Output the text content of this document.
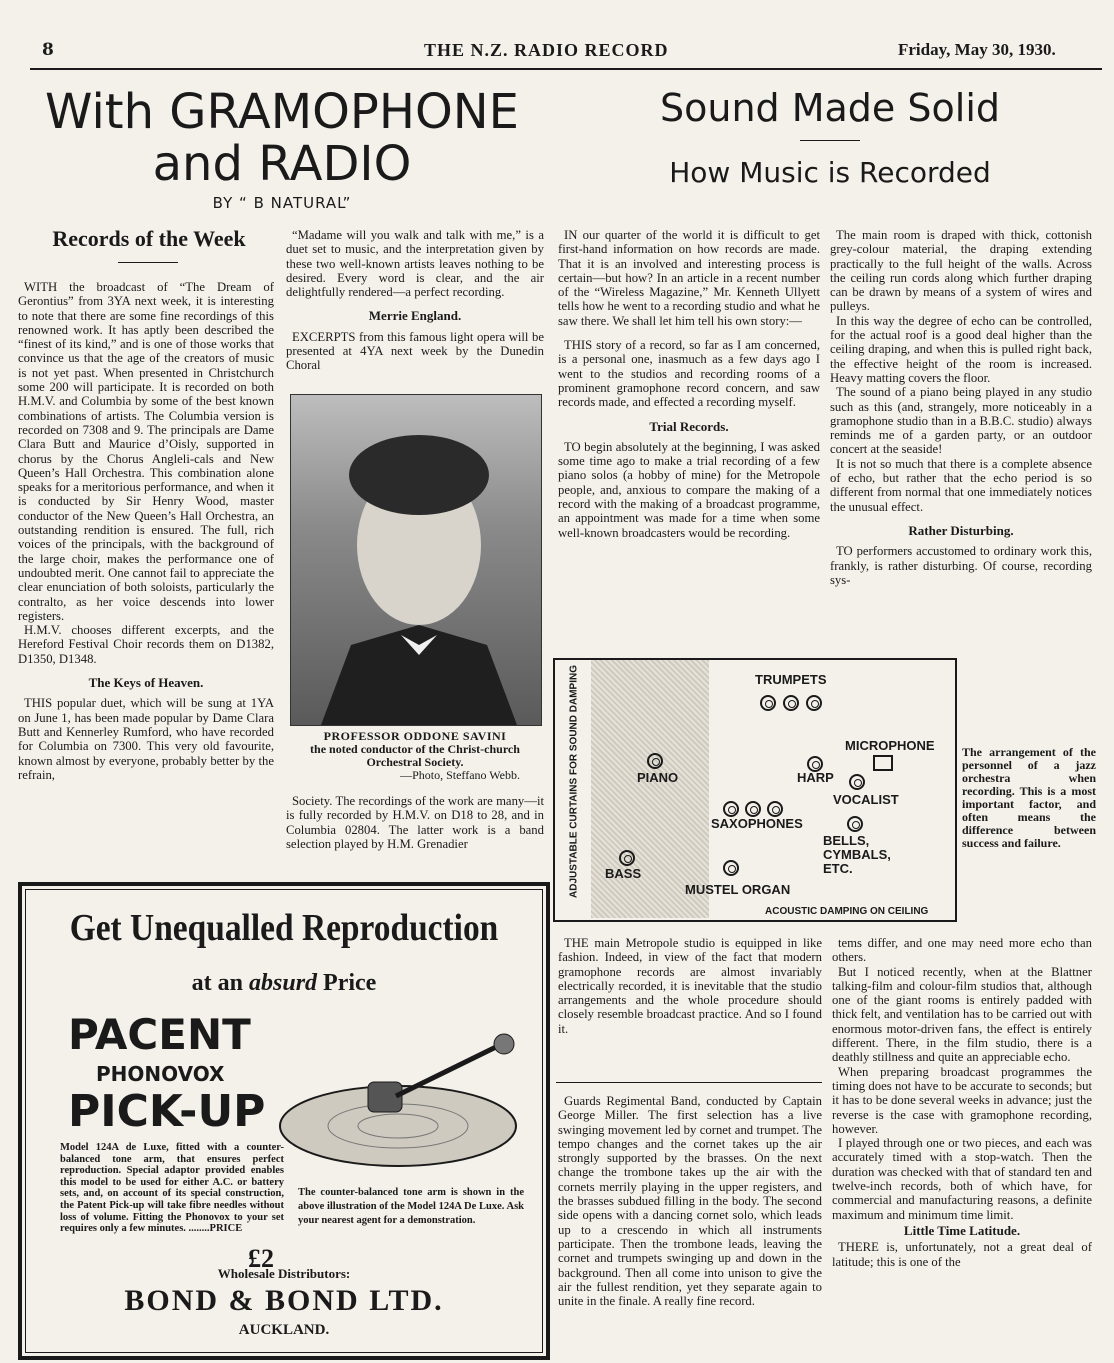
8	THE N.Z. RADIO RECORD	Friday, May 30, 1930.
With GRAMOPHONE
and RADIO
BY “ B NATURAL”
Sound Made Solid
How Music is Recorded
Records of the Week

WITH the broadcast of “The Dream of Gerontius” from 3YA next week, it is interesting to note that there are some fine recordings of this renowned work. It has aptly been described the “finest of its kind,” and is one of those works that convince us that the age of the creators of music is not yet past. When presented in Christchurch some 200 will participate. It is recorded on both H.M.V. and Columbia by some of the best known combinations of artists. The Columbia version is recorded on 7308 and 9. The principals are Dame Clara Butt and Maurice d’Oisly, supported in chorus by the Chorus Angleli-cals and New Queen’s Hall Orchestra. This combination alone speaks for a meritorious performance, and when it is conducted by Sir Henry Wood, master conductor of the New Queen’s Hall Orchestra, an outstanding rendition is ensured. The full, rich voices of the principals, with the background of the large choir, makes the performance one of undoubted merit. One cannot fail to appreciate the clear enunciation of both soloists, particularly the contralto, as her voice descends into lower registers.

H.M.V. chooses different excerpts, and the Hereford Festival Choir records them on D1382, D1350, D1348.

The Keys of Heaven.

THIS popular duet, which will be sung at 1YA on June 1, has been made popular by Dame Clara Butt and Kennerley Rumford, who have recorded for Columbia on 7300. This very old favourite, known almost by everyone, probably better by the refrain,

“Madame will you walk and talk with me,” is a duet set to music, and the interpretation given by these two well-known artists leaves nothing to be desired. Every word is clear, and the air delightfully rendered—a perfect recording.

Merrie England.

EXCERPTS from this famous light opera will be presented at 4YA next week by the Dunedin Choral

PROFESSOR ODDONE SAVINI
the noted conductor of the Christ-church Orchestral Society.
—Photo, Steffano Webb.

Society. The recordings of the work are many—it is fully recorded by H.M.V. on D18 to 28, and in Columbia 02804. The latter work is a band selection played by H.M. Grenadier

IN our quarter of the world it is difficult to get first-hand information on how records are made. That it is an involved and interesting process is certain—but how? In an article in a recent number of the “Wireless Magazine,” Mr. Kenneth Ullyett tells how he went to a recording studio and what he saw there. We shall let him tell his own story:—

THIS story of a record, so far as I am concerned, is a personal one, inasmuch as a few days ago I went to the studios and recording rooms of a prominent gramophone record concern, and saw records made, and effected a recording myself.

Trial Records.

TO begin absolutely at the beginning, I was asked some time ago to make a trial recording of a few piano solos (a hobby of mine) for the Metropole people, and, anxious to compare the making of a record with the making of a broadcast programme, an appointment was made for a time when some well-known broadcasters would be recording.

The main room is draped with thick, cottonish grey-colour material, the draping extending practically to the full height of the walls. Across the ceiling run cords along which further draping can be drawn by means of a system of wires and pulleys.

In this way the degree of echo can be controlled, for the actual roof is a good deal higher than the ceiling draping, and when this is pulled right back, the effective height of the room is increased. Heavy matting covers the floor.

The sound of a piano being played in any studio such as this (and, strangely, more noticeably in a gramophone studio than in a B.B.C. studio) always reminds me of a garden party, or an outdoor concert at the seaside!

It is not so much that there is a complete absence of echo, but rather that the echo period is so different from normal that one immediately notices the unusual effect.

Rather Disturbing.

TO performers accustomed to ordinary work this, frankly, is rather disturbing. Of course, recording sys-

ADJUSTABLE CURTAINS FOR SOUND DAMPING	TRUMPETS
MICROPHONE
PIANO	HARP
VOCALIST
SAXOPHONES
BELLS,
CYMBALS,
ETC.
BASS
MUSTEL ORGAN
ACOUSTIC DAMPING ON CEILING
The arrangement of the personnel of a jazz orchestra when recording. This is a most important factor, and often means the difference between success and failure.

THE main Metropole studio is equipped in like fashion. Indeed, in view of the fact that modern gramophone records are almost invariably electrically recorded, it is inevitable that the studio arrangements and the whole procedure should closely resemble broadcast practice. And so I found it.

Guards Regimental Band, conducted by Captain George Miller. The first selection has a live swinging movement led by cornet and trumpet. The tempo changes and the cornet takes up the air strongly supported by the brasses. On the next change the trombone takes up the air with the cornets merrily playing in the upper registers, and the brasses subdued filling in the body. The second side opens with a dancing cornet solo, which leads up to a crescendo in which all instruments participate. Then the trombone leads, leaving the cornet and trumpets swinging up and down in the background. Then all come into unison to give the air the fullest rendition, yet they separate again to unite in the finale. A really fine record.

tems differ, and one may need more echo than others.

But I noticed recently, when at the Blattner talking-film and colour-film studios that, although one of the giant rooms is entirely padded with thick felt, and ventilation has to be carried out with enormous motor-driven fans, the effect is entirely different. There, in the film studio, there is a deathly stillness and quite an appreciable echo.

When preparing broadcast programmes the timing does not have to be accurate to seconds; but it has to be done several weeks in advance; just the reverse is the case with gramophone recording, however.

I played through one or two pieces, and each was accurately timed with a stop-watch. Then the duration was checked with that of standard ten and twelve-inch records, both of which have, for commercial and manufacturing reasons, a definite maximum and minimum time limit.

Little Time Latitude.

THERE is, unfortunately, not a great deal of latitude; this is one of the

Get Unequalled Reproduction
at an absurd Price
PACENT
PHONOVOX
PICK-UP
Model 124A de Luxe, fitted with a counter-balanced tone arm, that ensures perfect reproduction. Special adaptor provided enables this model to be used for either A.C. or battery sets, and, on account of its special construction, the Patent Pick-up will take fibre needles without loss of volume. Fitting the Phonovox to your set requires only a few minutes. ........PRICE
£2
The counter-balanced tone arm is shown in the above illustration of the Model 124A De Luxe. Ask your nearest agent for a demonstration.
Wholesale Distributors:
BOND & BOND LTD.
AUCKLAND.
